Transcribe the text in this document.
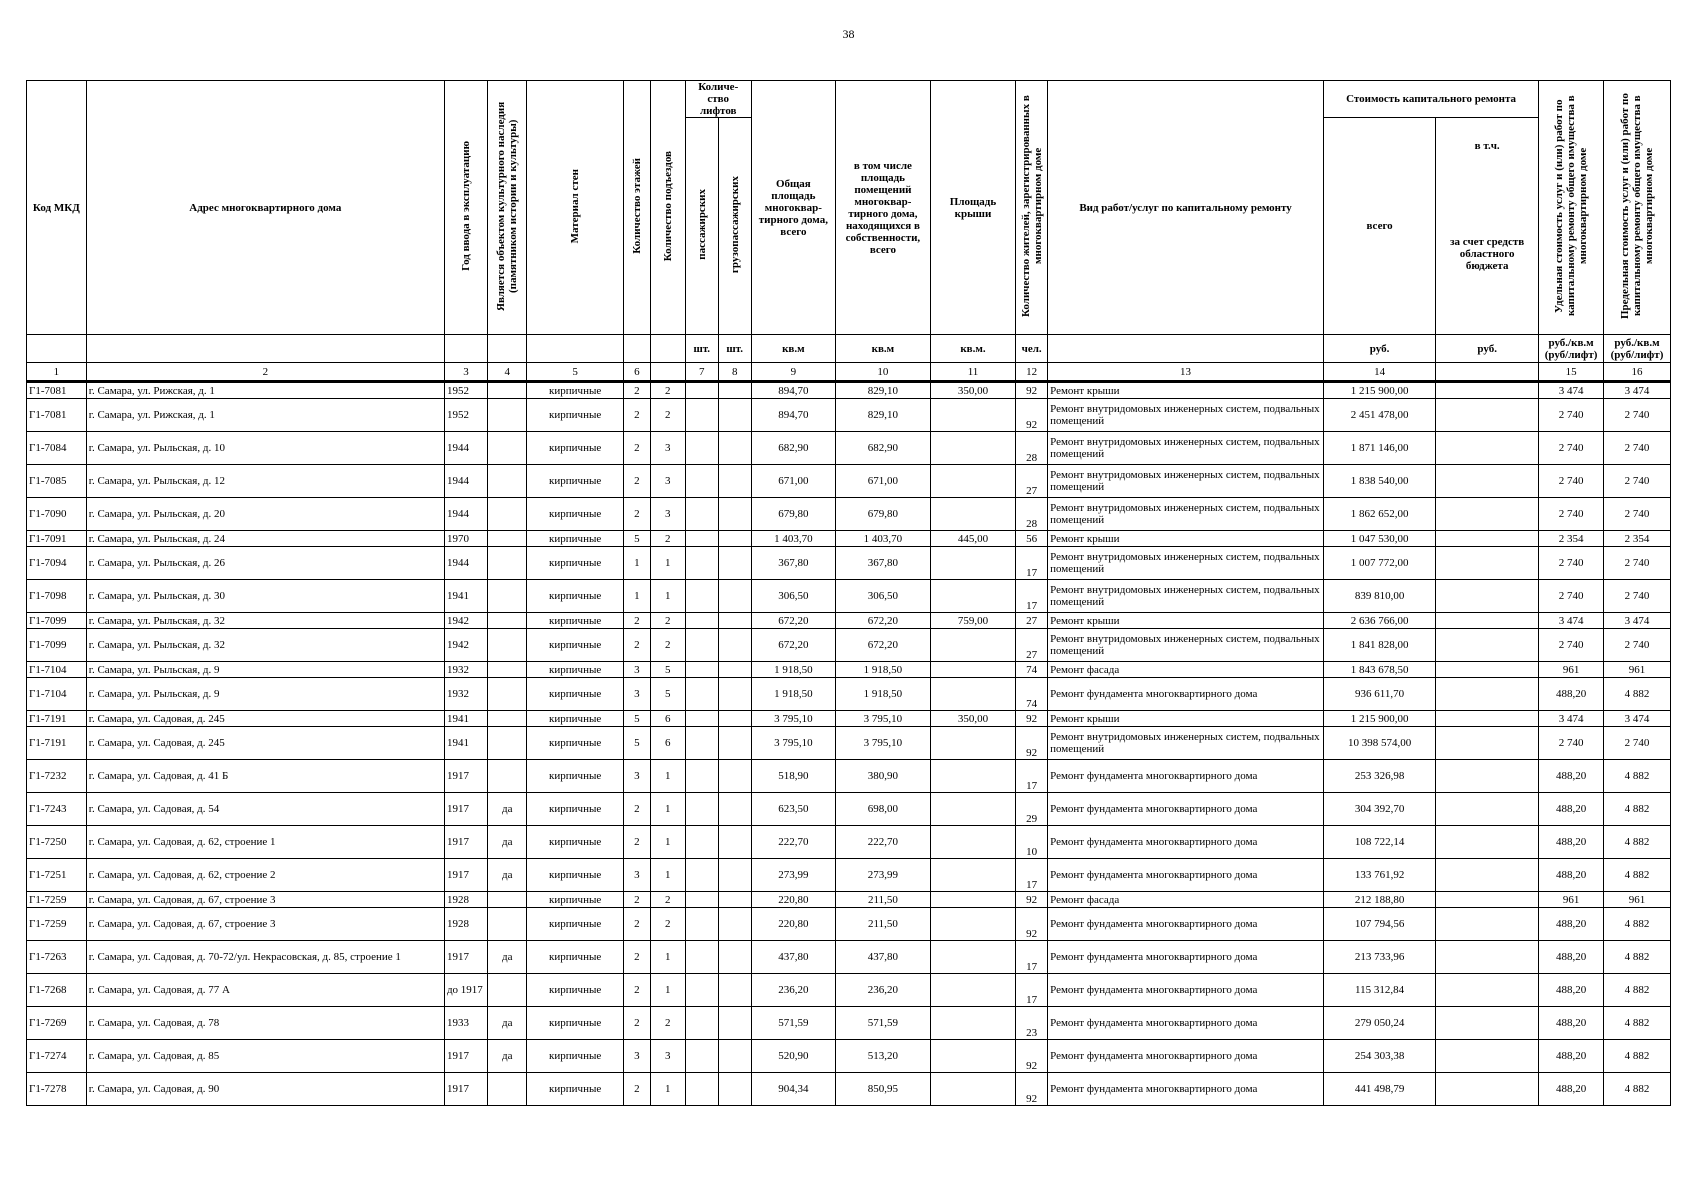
38
Код МКД	Адрес многоквартирного дома	Год ввода в эксплуатацию	Является объектом культурного наследия (памятником истории и культуры)	Материал стен	Количество этажей	Количество подъездов	Количе-ство лифтов		Общая площадь многоквар-тирного дома, всего	в том числе площадь помещений многоквар-тирного дома, находящихся в собственности, всего	Площадь крыши	Количество жителей, зарегистрированных в многоквартирном доме	Вид работ/услуг по капитальному ремонту	Стоимость капитального ремонта		Удельная стоимость услуг и (или) работ по капитальному ремонту общего имущества в многоквартирном доме	Предельная стоимость услуг и (или) работ по капитальному ремонту общего имущества в многоквартирном доме
							пассажирских	грузопассажирских						всего	в т.ч.		
															за счет средств областного бюджета		
							шт.	шт.	кв.м	кв.м	кв.м.	чел.		руб.	руб.	руб./кв.м (руб/лифт)	руб./кв.м (руб/лифт)
1	2	3	4	5	6		7	8	9	10	11	12	13	14		15	16
Г1-7081	г. Самара, ул. Рижская, д. 1	1952		кирпичные	2	2			894,70	829,10	350,00	92	Ремонт крыши	1 215 900,00		3 474	3 474
Г1-7081	г. Самара, ул. Рижская, д. 1	1952		кирпичные	2	2			894,70	829,10		92	Ремонт внутридомовых инженерных систем, подвальных помещений	2 451 478,00		2 740	2 740
Г1-7084	г. Самара, ул. Рыльская, д. 10	1944		кирпичные	2	3			682,90	682,90		28	Ремонт внутридомовых инженерных систем, подвальных помещений	1 871 146,00		2 740	2 740
Г1-7085	г. Самара, ул. Рыльская, д. 12	1944		кирпичные	2	3			671,00	671,00		27	Ремонт внутридомовых инженерных систем, подвальных помещений	1 838 540,00		2 740	2 740
Г1-7090	г. Самара, ул. Рыльская, д. 20	1944		кирпичные	2	3			679,80	679,80		28	Ремонт внутридомовых инженерных систем, подвальных помещений	1 862 652,00		2 740	2 740
Г1-7091	г. Самара, ул. Рыльская, д. 24	1970		кирпичные	5	2			1 403,70	1 403,70	445,00	56	Ремонт крыши	1 047 530,00		2 354	2 354
Г1-7094	г. Самара, ул. Рыльская, д. 26	1944		кирпичные	1	1			367,80	367,80		17	Ремонт внутридомовых инженерных систем, подвальных помещений	1 007 772,00		2 740	2 740
Г1-7098	г. Самара, ул. Рыльская, д. 30	1941		кирпичные	1	1			306,50	306,50		17	Ремонт внутридомовых инженерных систем, подвальных помещений	839 810,00		2 740	2 740
Г1-7099	г. Самара, ул. Рыльская, д. 32	1942		кирпичные	2	2			672,20	672,20	759,00	27	Ремонт крыши	2 636 766,00		3 474	3 474
Г1-7099	г. Самара, ул. Рыльская, д. 32	1942		кирпичные	2	2			672,20	672,20		27	Ремонт внутридомовых инженерных систем, подвальных помещений	1 841 828,00		2 740	2 740
Г1-7104	г. Самара, ул. Рыльская, д. 9	1932		кирпичные	3	5			1 918,50	1 918,50		74	Ремонт фасада	1 843 678,50		961	961
Г1-7104	г. Самара, ул. Рыльская, д. 9	1932		кирпичные	3	5			1 918,50	1 918,50		74	Ремонт фундамента многоквартирного дома	936 611,70		488,20	4 882
Г1-7191	г. Самара, ул. Садовая, д. 245	1941		кирпичные	5	6			3 795,10	3 795,10	350,00	92	Ремонт крыши	1 215 900,00		3 474	3 474
Г1-7191	г. Самара, ул. Садовая, д. 245	1941		кирпичные	5	6			3 795,10	3 795,10		92	Ремонт внутридомовых инженерных систем, подвальных помещений	10 398 574,00		2 740	2 740
Г1-7232	г. Самара, ул. Садовая, д. 41 Б	1917		кирпичные	3	1			518,90	380,90		17	Ремонт фундамента многоквартирного дома	253 326,98		488,20	4 882
Г1-7243	г. Самара, ул. Садовая, д. 54	1917	да	кирпичные	2	1			623,50	698,00		29	Ремонт фундамента многоквартирного дома	304 392,70		488,20	4 882
Г1-7250	г. Самара, ул. Садовая, д. 62, строение 1	1917	да	кирпичные	2	1			222,70	222,70		10	Ремонт фундамента многоквартирного дома	108 722,14		488,20	4 882
Г1-7251	г. Самара, ул. Садовая, д. 62, строение 2	1917	да	кирпичные	3	1			273,99	273,99		17	Ремонт фундамента многоквартирного дома	133 761,92		488,20	4 882
Г1-7259	г. Самара, ул. Садовая, д. 67, строение 3	1928		кирпичные	2	2			220,80	211,50		92	Ремонт фасада	212 188,80		961	961
Г1-7259	г. Самара, ул. Садовая, д. 67, строение 3	1928		кирпичные	2	2			220,80	211,50		92	Ремонт фундамента многоквартирного дома	107 794,56		488,20	4 882
Г1-7263	г. Самара, ул. Садовая, д. 70-72/ул. Некрасовская, д. 85, строение 1	1917	да	кирпичные	2	1			437,80	437,80		17	Ремонт фундамента многоквартирного дома	213 733,96		488,20	4 882
Г1-7268	г. Самара, ул. Садовая, д. 77 А	до 1917		кирпичные	2	1			236,20	236,20		17	Ремонт фундамента многоквартирного дома	115 312,84		488,20	4 882
Г1-7269	г. Самара, ул. Садовая, д. 78	1933	да	кирпичные	2	2			571,59	571,59		23	Ремонт фундамента многоквартирного дома	279 050,24		488,20	4 882
Г1-7274	г. Самара, ул. Садовая, д. 85	1917	да	кирпичные	3	3			520,90	513,20		92	Ремонт фундамента многоквартирного дома	254 303,38		488,20	4 882
Г1-7278	г. Самара, ул. Садовая, д. 90	1917		кирпичные	2	1			904,34	850,95		92	Ремонт фундамента многоквартирного дома	441 498,79		488,20	4 882
